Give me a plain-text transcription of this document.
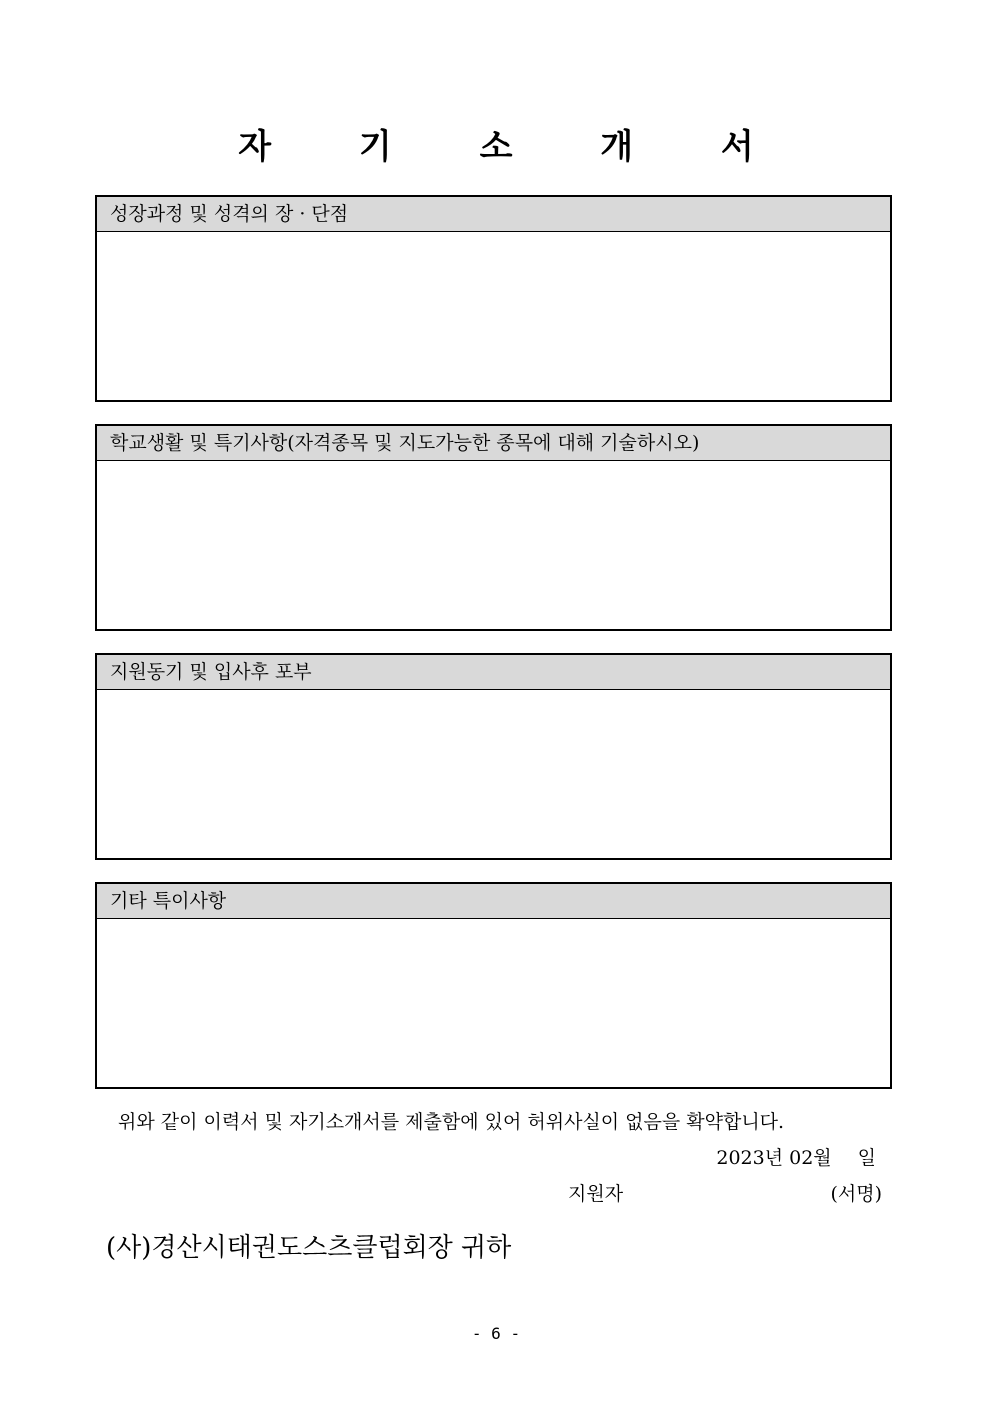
자 기 소 개 서
성장과정 및 성격의 장 · 단점
학교생활 및 특기사항(자격종목 및 지도가능한 종목에 대해 기술하시오)
지원동기 및 입사후 포부
기타 특이사항
위와 같이 이력서 및 자기소개서를 제출함에 있어 허위사실이 없음을 확약합니다.
2023년 02월 일
지원자	(서명)
(사)경산시태권도스츠클럽회장 귀하
- 6 -
